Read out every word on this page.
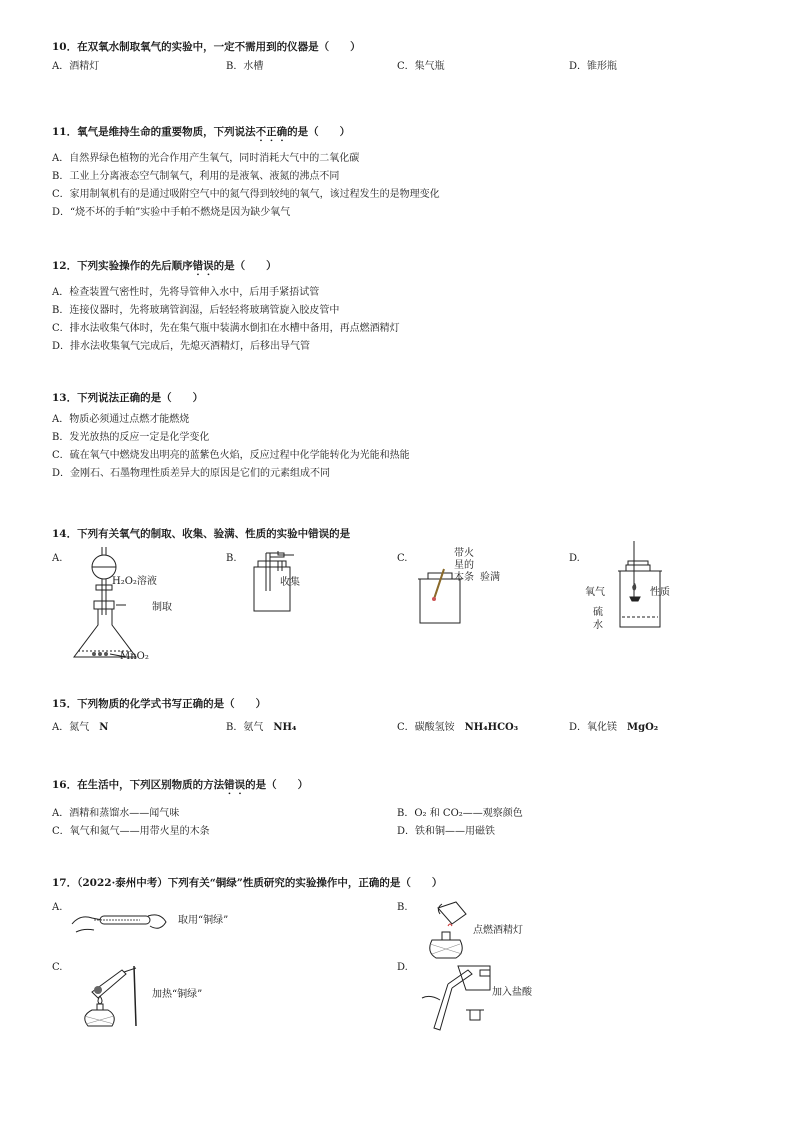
10．在双氧水制取氧气的实验中，一定不需用到的仪器是（　　）
A．酒精灯	B．水槽	C．集气瓶	D．锥形瓶
11．氧气是维持生命的重要物质，下列说法不正确的是（　　）
A．自然界绿色植物的光合作用产生氧气，同时消耗大气中的二氧化碳
B．工业上分离液态空气制氧气，利用的是液氧、液氮的沸点不同
C．家用制氧机有的是通过吸附空气中的氮气得到较纯的氧气，该过程发生的是物理变化
D．“烧不坏的手帕”实验中手帕不燃烧是因为缺少氧气
12．下列实验操作的先后顺序错误的是（　　）
A．检查装置气密性时，先将导管伸入水中，后用手紧捂试管
B．连接仪器时，先将玻璃管润湿，后轻轻将玻璃管旋入胶皮管中
C．排水法收集气体时，先在集气瓶中装满水倒扣在水槽中备用，再点燃酒精灯
D．排水法收集氧气完成后，先熄灭酒精灯，后移出导气管
13．下列说法正确的是（　　）
A．物质必须通过点燃才能燃烧
B．发光放热的反应一定是化学变化
C．硫在氧气中燃烧发出明亮的蓝紫色火焰，反应过程中化学能转化为光能和热能
D．金刚石、石墨物理性质差异大的原因是它们的元素组成不同
14．下列有关氧气的制取、收集、验满、性质的实验中错误的是
A.	B.	C.	D.
H₂O₂溶液
制取
MnO₂
收集
带火
星的
木条 验满
氧气
硫
水
性质
15．下列物质的化学式书写正确的是（　　）
A．氮气　 N	B．氨气　 NH₄	C．碳酸氢铵　 NH₄HCO₃	D．氧化镁　 MgO₂
16．在生活中，下列区别物质的方法错误的是（　　）
A．酒精和蒸馏水——闻气味	B．O₂ 和 CO₂——观察颜色
C．氧气和氮气——用带火星的木条	D．铁和铜——用磁铁
17．（2022·泰州中考）下列有关“铜绿”性质研究的实验操作中，正确的是（　　）
A.	B.
C.	D.
取用“铜绿”
点燃酒精灯
加热“铜绿”	加入盐酸
